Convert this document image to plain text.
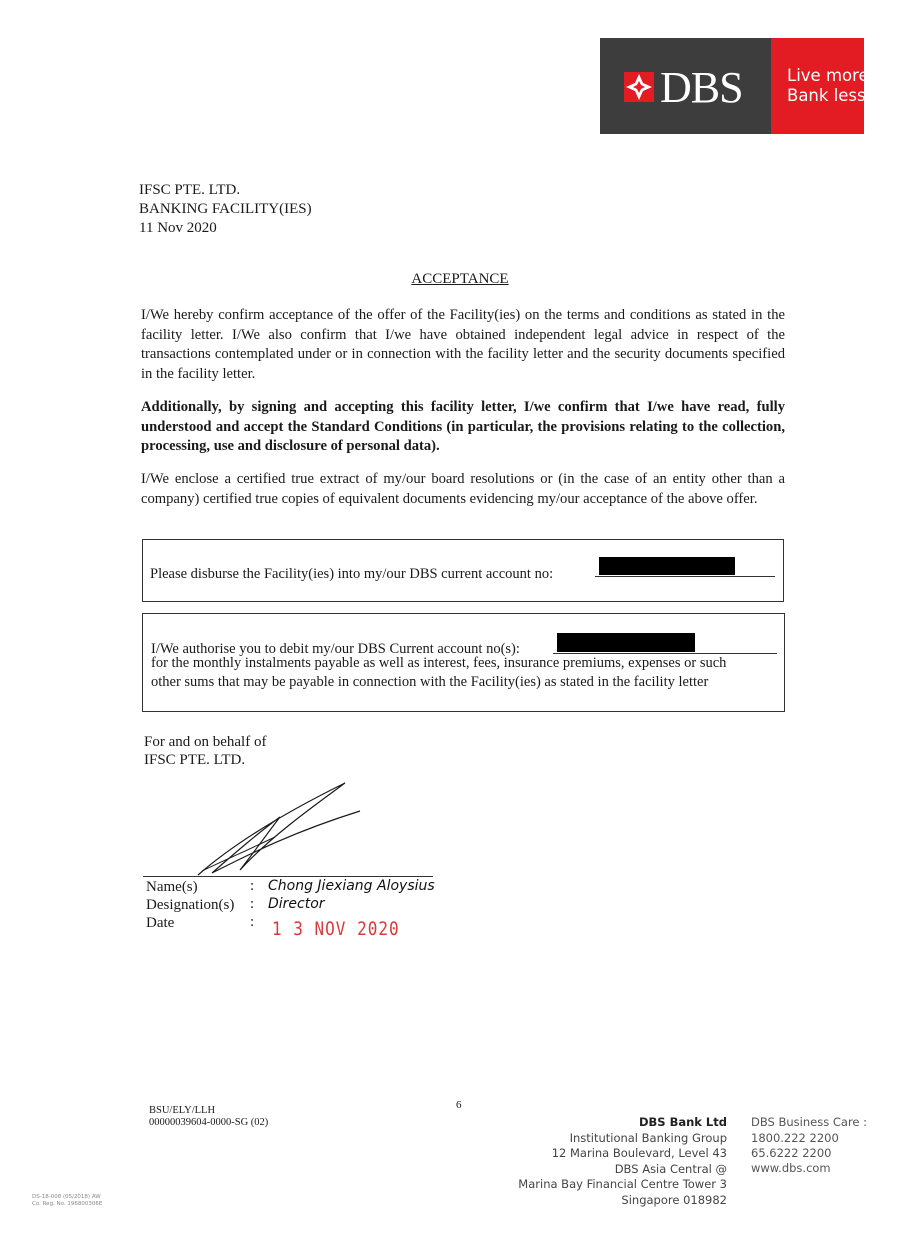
DBS	Live more,
Bank less
IFSC PTE. LTD.
BANKING FACILITY(IES)
11 Nov 2020
ACCEPTANCE
I/We hereby confirm acceptance of the offer of the Facility(ies) on the terms and conditions as stated in the facility letter. I/We also confirm that I/we have obtained independent legal advice in respect of the transactions contemplated under or in connection with the facility letter and the security documents specified in the facility letter.
Additionally, by signing and accepting this facility letter, I/we confirm that I/we have read, fully understood and accept the Standard Conditions (in particular, the provisions relating to the collection, processing, use and disclosure of personal data).
I/We enclose a certified true extract of my/our board resolutions or (in the case of an entity other than a company) certified true copies of equivalent documents evidencing my/our acceptance of the above offer.
Please disburse the Facility(ies) into my/our DBS current account no:
I/We authorise you to debit my/our DBS Current account no(s):
for the monthly instalments payable as well as interest, fees, insurance premiums, expenses or such
other sums that may be payable in connection with the Facility(ies) as stated in the facility letter
For and on behalf of
IFSC PTE. LTD.
Name(s)	: Chong Jiexiang Aloysius
Designation(s) : Director
Date	: 1 3 NOV 2020
6
BSU/ELY/LLH
00000039604-0000-SG (02)	DBS Bank Ltd
Institutional Banking Group
12 Marina Boulevard, Level 43
DBS Asia Central @
Marina Bay Financial Centre Tower 3
Singapore 018982
DBS Business Care :
1800.222 2200
65.6222 2200
www.dbs.com
DS-18-008 (05/2018) AW
Co. Reg. No. 196800306E
